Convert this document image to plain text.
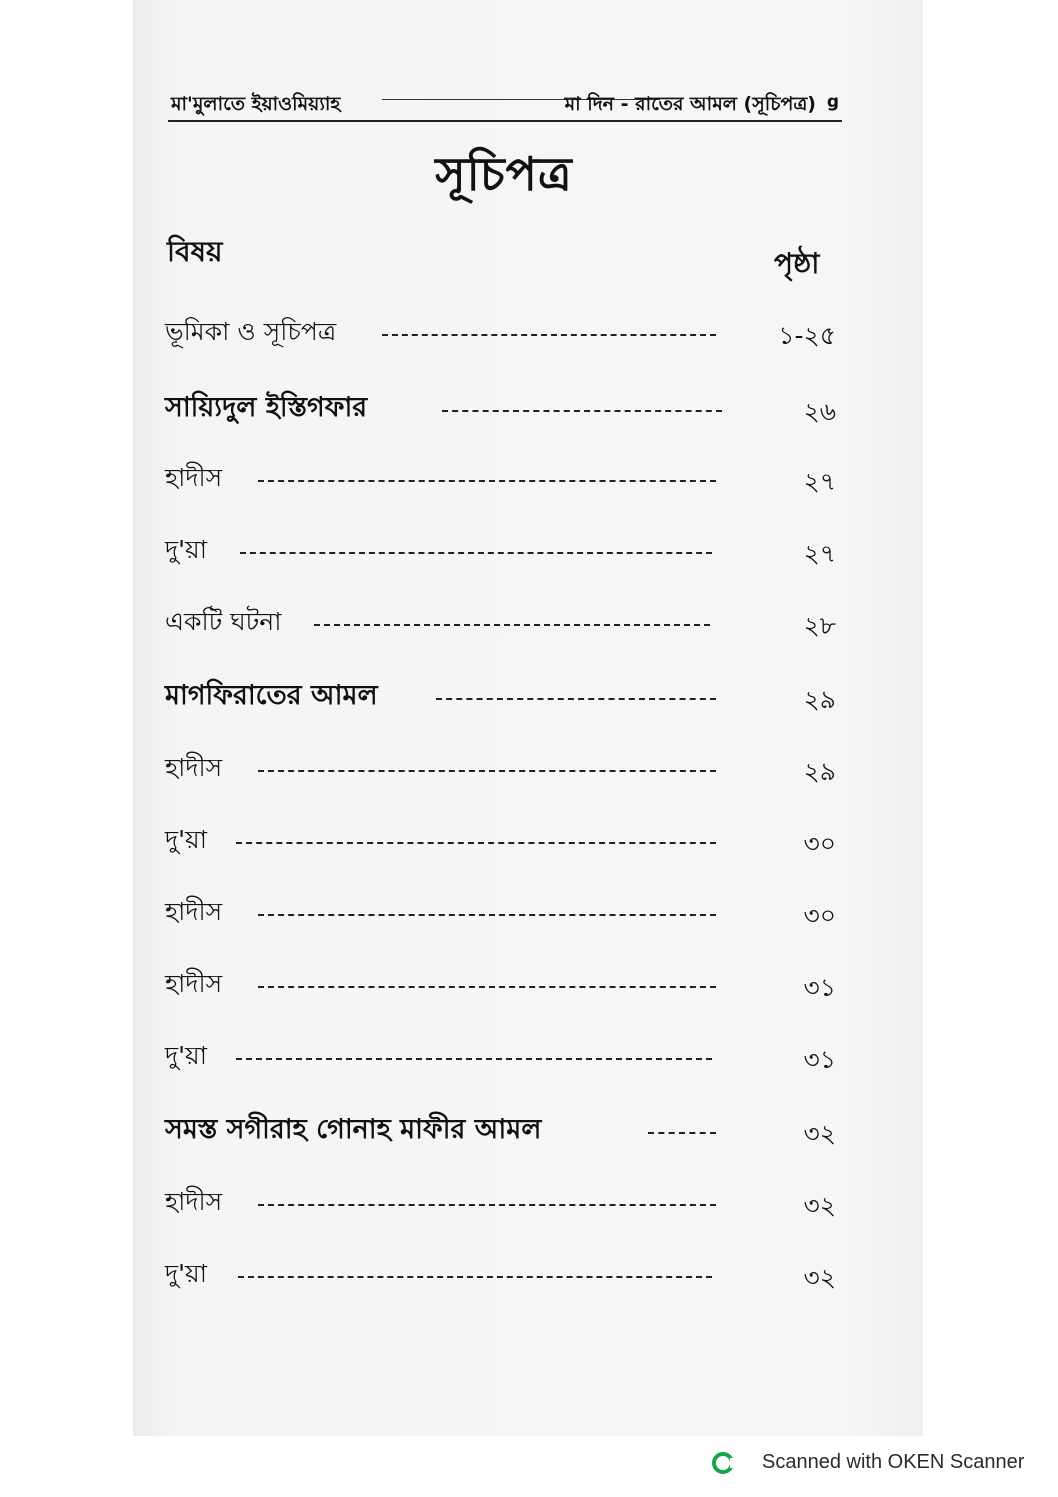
মা'মুলাতে ইয়াওমিয়্যাহ	মা দিন - রাতের আমল (সূচিপত্র) g
সূচিপত্র
বিষয়	পৃষ্ঠা
ভূমিকা ও সূচিপত্র	১-২৫
সায়্যিদুল ইস্তিগফার	২৬
হাদীস	২৭
দু'য়া	২৭
একটি ঘটনা	২৮
মাগফিরাতের আমল	২৯
হাদীস	২৯
দু'য়া	৩০
হাদীস	৩০
হাদীস	৩১
দু'য়া	৩১
সমস্ত সগীরাহ গোনাহ মাফীর আমল	৩২
হাদীস	৩২
দু'য়া	৩২
Scanned with OKEN Scanner
